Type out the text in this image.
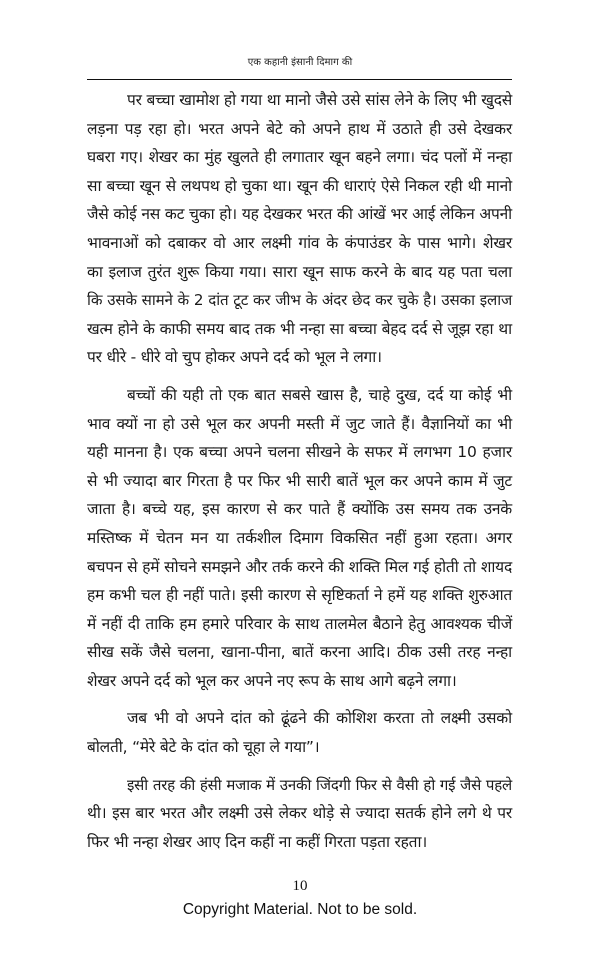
एक कहानी इंसानी दिमाग की
पर बच्चा खामोश हो गया था मानो जैसे उसे सांस लेने के लिए भी खुदसे
लड़ना पड़ रहा हो। भरत अपने बेटे को अपने हाथ में उठाते ही उसे देखकर
घबरा गए। शेखर का मुंह खुलते ही लगातार खून बहने लगा। चंद पलों में नन्हा
सा बच्चा खून से लथपथ हो चुका था। खून की धाराएं ऐसे निकल रही थी मानो
जैसे कोई नस कट चुका हो। यह देखकर भरत की आंखें भर आई लेकिन अपनी
भावनाओं को दबाकर वो आर लक्ष्मी गांव के कंपाउंडर के पास भागे। शेखर
का इलाज तुरंत शुरू किया गया। सारा खून साफ करने के बाद यह पता चला
कि उसके सामने के 2 दांत टूट कर जीभ के अंदर छेद कर चुके है। उसका इलाज
खत्म होने के काफी समय बाद तक भी नन्हा सा बच्चा बेहद दर्द से जूझ रहा था
पर धीरे - धीरे वो चुप होकर अपने दर्द को भूल ने लगा।
बच्चों की यही तो एक बात सबसे खास है, चाहे दुख, दर्द या कोई भी
भाव क्यों ना हो उसे भूल कर अपनी मस्ती में जुट जाते हैं। वैज्ञानियों का भी
यही मानना है। एक बच्चा अपने चलना सीखने के सफर में लगभग 10 हजार
से भी ज्यादा बार गिरता है पर फिर भी सारी बातें भूल कर अपने काम में जुट
जाता है। बच्चे यह, इस कारण से कर पाते हैं क्योंकि उस समय तक उनके
मस्तिष्क में चेतन मन या तर्कशील दिमाग विकसित नहीं हुआ रहता। अगर
बचपन से हमें सोचने समझने और तर्क करने की शक्ति मिल गई होती तो शायद
हम कभी चल ही नहीं पाते। इसी कारण से सृष्टिकर्ता ने हमें यह शक्ति शुरुआत
में नहीं दी ताकि हम हमारे परिवार के साथ तालमेल बैठाने हेतु आवश्यक चीजें
सीख सकें जैसे चलना, खाना-पीना, बातें करना आदि। ठीक उसी तरह नन्हा
शेखर अपने दर्द को भूल कर अपने नए रूप के साथ आगे बढ़ने लगा।
जब भी वो अपने दांत को ढूंढने की कोशिश करता तो लक्ष्मी उसको
बोलती, “मेरे बेटे के दांत को चूहा ले गया”।
इसी तरह की हंसी मजाक में उनकी जिंदगी फिर से वैसी हो गई जैसे पहले
थी। इस बार भरत और लक्ष्मी उसे लेकर थोड़े से ज्यादा सतर्क होने लगे थे पर
फिर भी नन्हा शेखर आए दिन कहीं ना कहीं गिरता पड़ता रहता।
10
Copyright Material. Not to be sold.
